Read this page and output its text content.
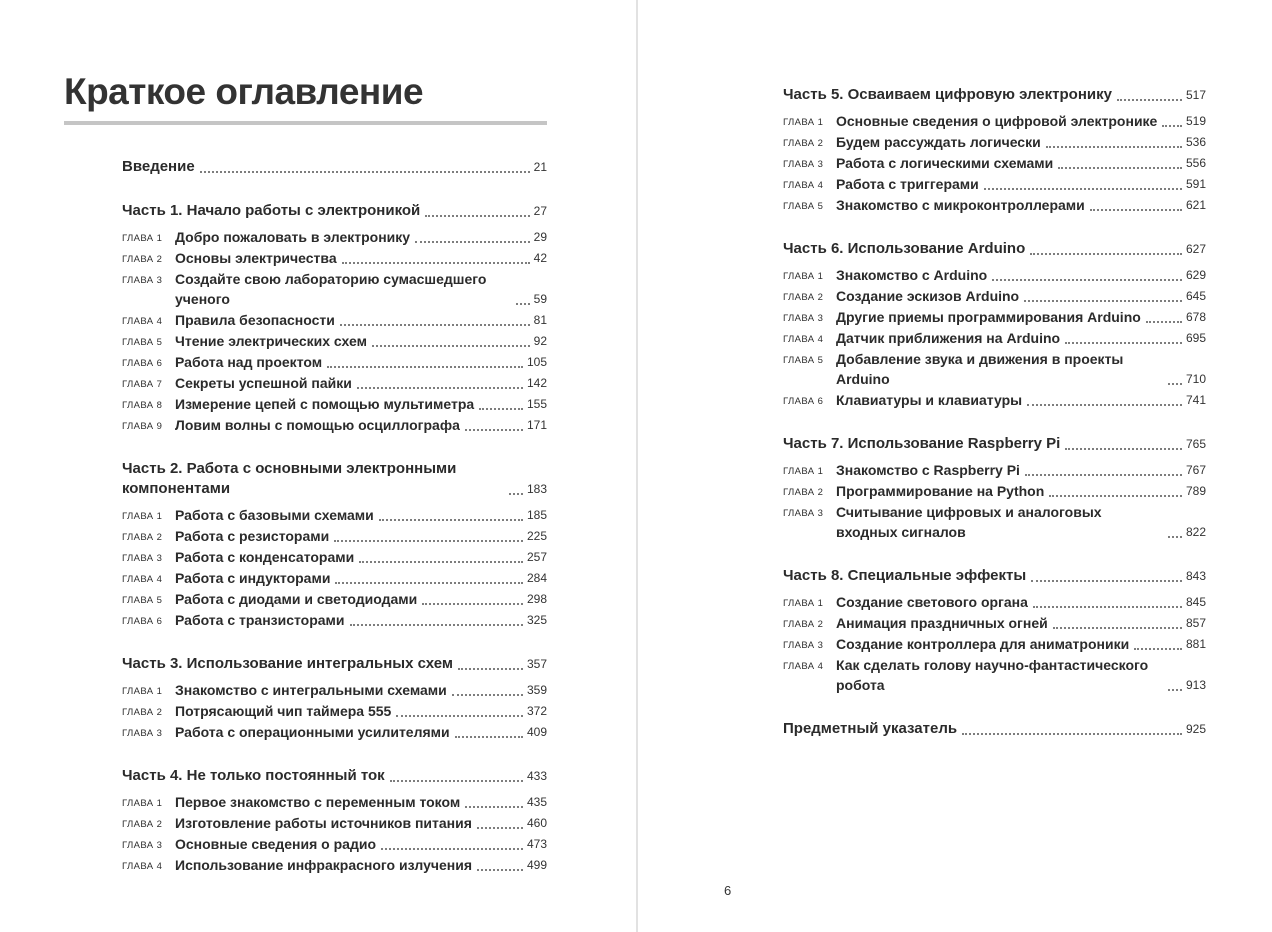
Краткое оглавление
Введение	21
Часть 1. Начало работы с электроникой	27
ГЛАВА 1 Добро пожаловать в электронику	29
ГЛАВА 2 Основы электричества	42
ГЛАВА 3 Создайте свою лабораторию сумасшедшего ученого	59
ГЛАВА 4 Правила безопасности	81
ГЛАВА 5 Чтение электрических схем	92
ГЛАВА 6 Работа над проектом	105
ГЛАВА 7 Секреты успешной пайки	142
ГЛАВА 8 Измерение цепей с помощью мультиметра	155
ГЛАВА 9 Ловим волны с помощью осциллографа	171
Часть 2. Работа с основными электронными компонентами	183
ГЛАВА 1 Работа с базовыми схемами	185
ГЛАВА 2 Работа с резисторами	225
ГЛАВА 3 Работа с конденсаторами	257
ГЛАВА 4 Работа с индукторами	284
ГЛАВА 5 Работа с диодами и светодиодами	298
ГЛАВА 6 Работа с транзисторами	325
Часть 3. Использование интегральных схем	357
ГЛАВА 1 Знакомство с интегральными схемами	359
ГЛАВА 2 Потрясающий чип таймера 555	372
ГЛАВА 3 Работа с операционными усилителями	409
Часть 4. Не только постоянный ток	433
ГЛАВА 1 Первое знакомство с переменным током	435
ГЛАВА 2 Изготовление работы источников питания	460
ГЛАВА 3 Основные сведения о радио	473
ГЛАВА 4 Использование инфракрасного излучения	499
Часть 5. Осваиваем цифровую электронику	517
ГЛАВА 1 Основные сведения о цифровой электронике 519
ГЛАВА 2 Будем рассуждать логически	536
ГЛАВА 3 Работа с логическими схемами	556
ГЛАВА 4 Работа с триггерами	591
ГЛАВА 5 Знакомство с микроконтроллерами	621
Часть 6. Использование Arduino	627
ГЛАВА 1 Знакомство с Arduino	629
ГЛАВА 2 Создание эскизов Arduino	645
ГЛАВА 3 Другие приемы программирования Arduino	678
ГЛАВА 4 Датчик приближения на Arduino	695
ГЛАВА 5 Добавление звука и движения в проекты Arduino	710
ГЛАВА 6 Клавиатуры и клавиатуры	741
Часть 7. Использование Raspberry Pi	765
ГЛАВА 1 Знакомство с Raspberry Pi	767
ГЛАВА 2 Программирование на Python	789
ГЛАВА 3 Считывание цифровых и аналоговых входных сигналов	822
Часть 8. Специальные эффекты	843
ГЛАВА 1 Создание светового органа	845
ГЛАВА 2 Анимация праздничных огней	857
ГЛАВА 3 Создание контроллера для аниматроники	881
ГЛАВА 4 Как сделать голову научно-фантастического робота	913
Предметный указатель	925
6
